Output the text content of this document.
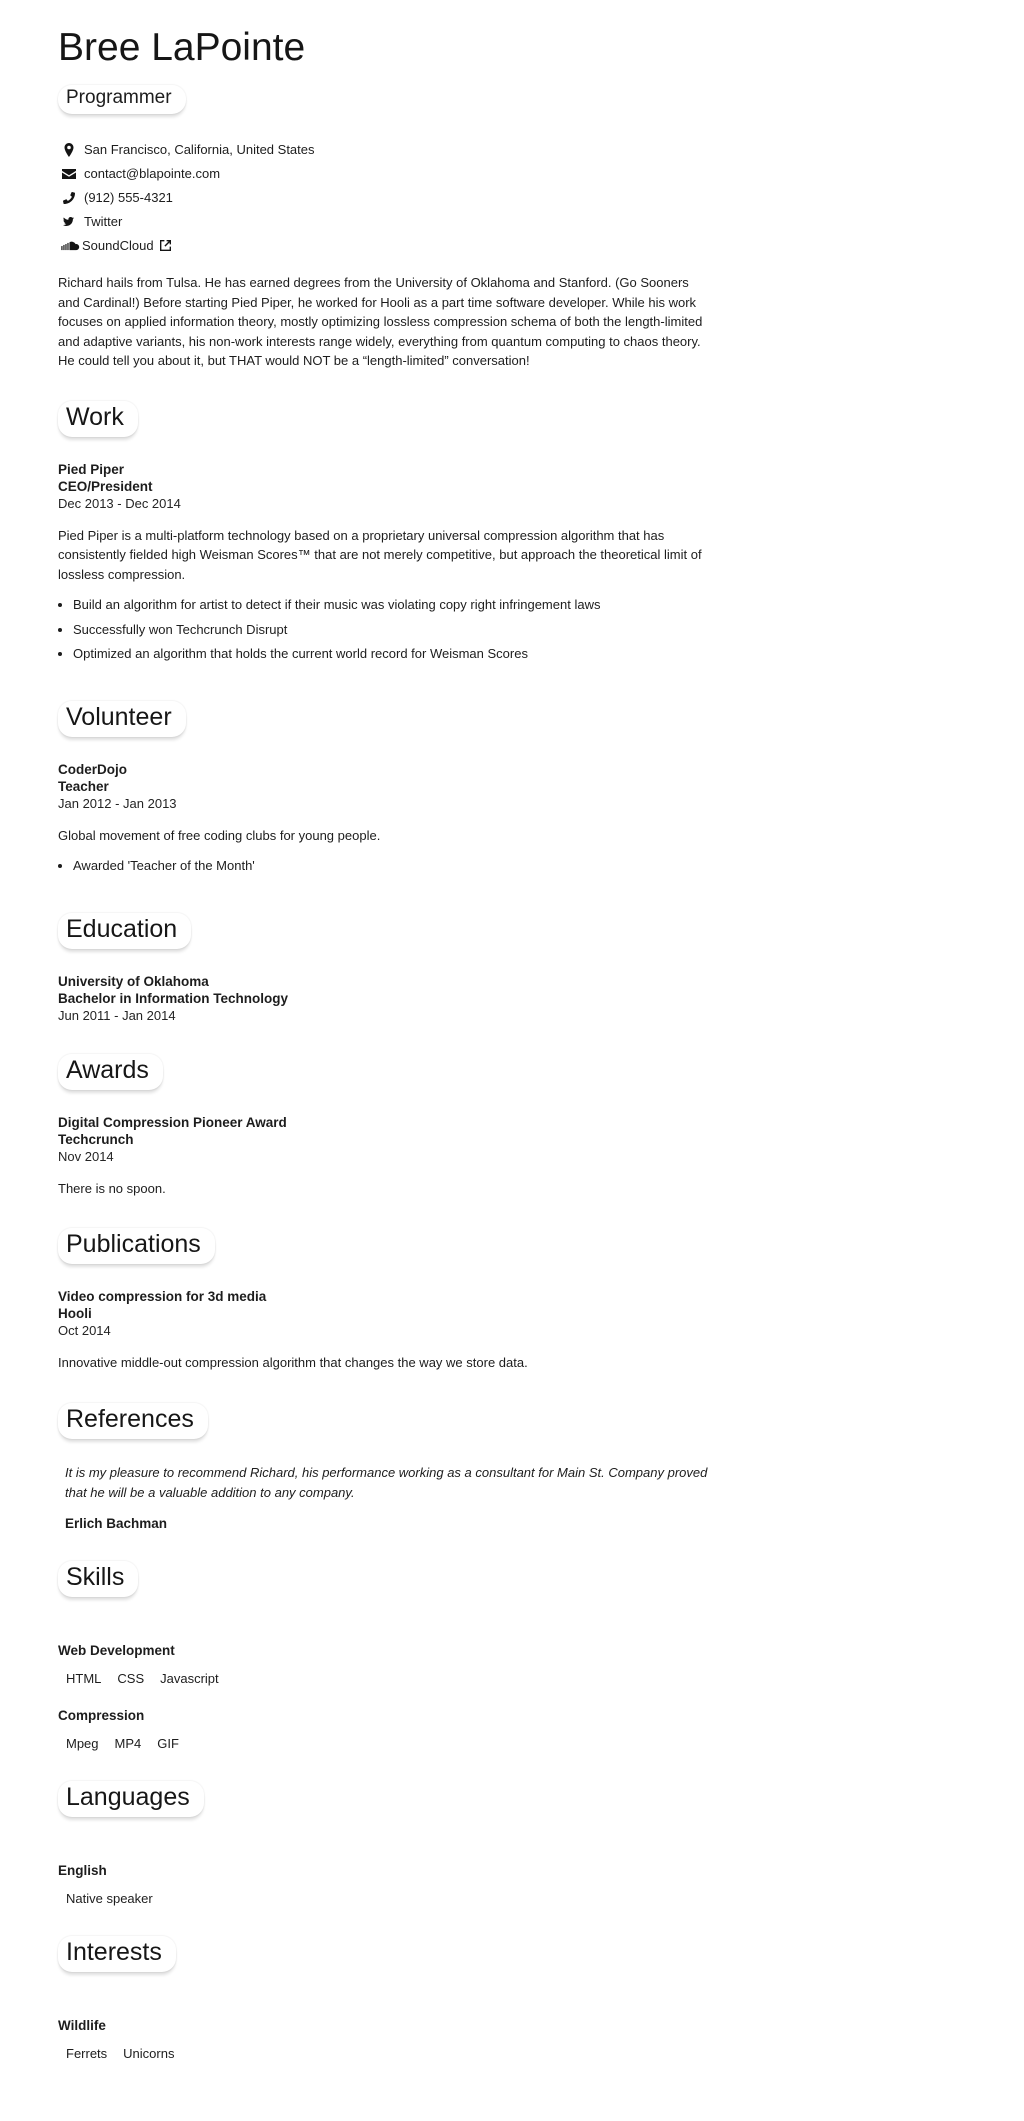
Bree LaPointe
Programmer
San Francisco, California, United States
contact@blapointe.com
(912) 555-4321
Twitter
SoundCloud

Richard hails from Tulsa. He has earned degrees from the University of Oklahoma and Stanford. (Go Sooners and Cardinal!) Before starting Pied Piper, he worked for Hooli as a part time software developer. While his work focuses on applied information theory, mostly optimizing lossless compression schema of both the length-limited and adaptive variants, his non-work interests range widely, everything from quantum computing to chaos theory. He could tell you about it, but THAT would NOT be a “length-limited” conversation!

Work
Pied Piper
CEO/President
Dec 2013 - Dec 2014

Pied Piper is a multi-platform technology based on a proprietary universal compression algorithm that has consistently fielded high Weisman Scores™ that are not merely competitive, but approach the theoretical limit of lossless compression.

• Build an algorithm for artist to detect if their music was violating copy right infringement laws
• Successfully won Techcrunch Disrupt
• Optimized an algorithm that holds the current world record for Weisman Scores
Volunteer
CoderDojo
Teacher
Jan 2012 - Jan 2013

Global movement of free coding clubs for young people.

• Awarded 'Teacher of the Month'
Education
University of Oklahoma
Bachelor in Information Technology
Jun 2011 - Jan 2014
Awards
Digital Compression Pioneer Award
Techcrunch
Nov 2014

There is no spoon.

Publications
Video compression for 3d media
Hooli
Oct 2014

Innovative middle-out compression algorithm that changes the way we store data.

References

It is my pleasure to recommend Richard, his performance working as a consultant for Main St. Company proved that he will be a valuable addition to any company.

Erlich Bachman
Skills
Web Development
HTML CSS Javascript
Compression
Mpeg MP4 GIF
Languages
English
Native speaker
Interests
Wildlife
Ferrets Unicorns
